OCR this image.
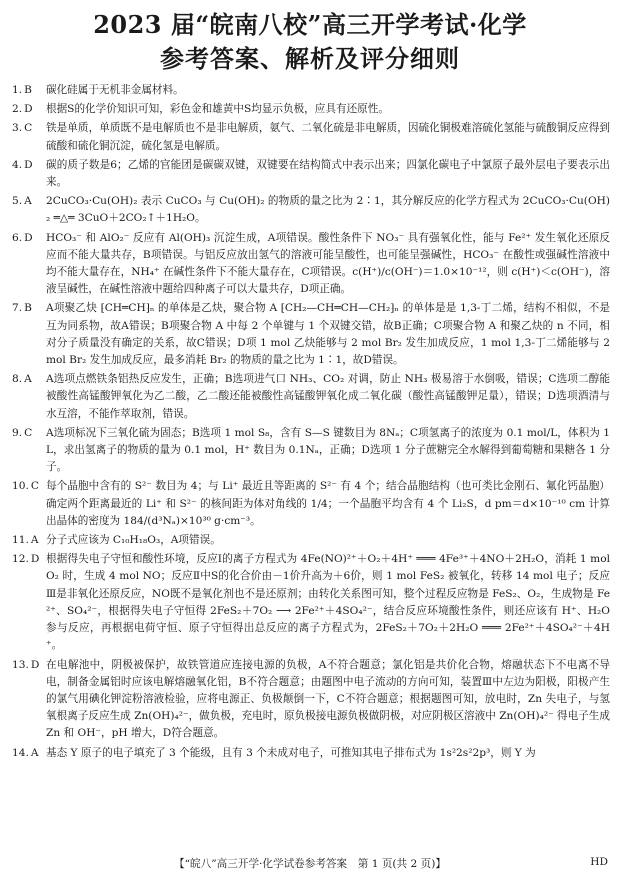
2023 届“皖南八校”高三开学考试·化学
参考答案、解析及评分细则
1. B	碳化硅属于无机非金属材料。
2. D	根据S的化学价知识可知，彩色金和雄黄中S均显示负极，应具有还原性。
3. C	铁是单质，单质既不是电解质也不是非电解质，氨气、二氧化硫是非电解质，因硫化铜极难溶硫化氢能与硫酸铜反应得到硫酸和硫化铜沉淀，硫化氢是电解质。
4. D	碳的质子数是6；乙烯的官能团是碳碳双键，双键要在结构简式中表示出来；四氯化碳电子中氯原子最外层电子要表示出来。
5. A	2CuCO₃·Cu(OH)₂ 表示 CuCO₃ 与 Cu(OH)₂ 的物质的量之比为 2∶1，其分解反应的化学方程式为 2CuCO₃·Cu(OH)₂ ═△═ 3CuO＋2CO₂↑＋1H₂O。
6. D	HCO₃⁻ 和 AlO₂⁻ 反应有 Al(OH)₃ 沉淀生成，A项错误。酸性条件下 NO₃⁻ 具有强氧化性，能与 Fe²⁺ 发生氧化还原反应而不能大量共存，B项错误。与铝反应放出氢气的溶液可能呈酸性，也可能呈强碱性，HCO₃⁻ 在酸性或强碱性溶液中均不能大量存在，NH₄⁺ 在碱性条件下不能大量存在，C项错误。c(H⁺)/c(OH⁻)＝1.0×10⁻¹²，则 c(H⁺)＜c(OH⁻)，溶液呈碱性，在碱性溶液中题给四种离子可以大量共存，D项正确。
7. B	A项聚乙炔 ⁅CH═CH⁆ₙ 的单体是乙炔，聚合物 A ⁅CH₂—CH═CH—CH₂⁆ₙ 的单体是是 1,3-丁二烯，结构不相似，不是互为同系物，故A错误；B项聚合物 A 中每 2 个单键与 1 个双键交错，故B正确；C项聚合物 A 和聚乙炔的 n 不同，相对分子质量没有确定的关系，故C错误；D项 1 mol 乙炔能够与 2 mol Br₂ 发生加成反应，1 mol 1,3-丁二烯能够与 2 mol Br₂ 发生加成反应，最多消耗 Br₂ 的物质的量之比为 1∶1，故D错误。
8. A	A选项点燃铁条铝热反应发生，正确；B选项进气口 NH₃、CO₂ 对调，防止 NH₃ 极易溶于水倒吸，错误；C选项二醇能被酸性高锰酸钾氧化为乙二酸，乙二酸还能被酸性高锰酸钾氧化成二氧化碳（酸性高锰酸钾足量），错误；D选项酒清与水互溶，不能作萃取剂，错误。
9. C	A选项标况下三氧化硫为固态；B选项 1 mol S₈，含有 S—S 键数目为 8Nₐ；C项氢离子的浓度为 0.1 mol/L，体积为 1 L，求出氢离子的物质的量为 0.1 mol，H⁺ 数目为 0.1Nₐ，正确；D选项 1 分子蔗糖完全水解得到葡萄糖和果糖各 1 分子。
10. C 每个晶胞中含有的 S²⁻ 数目为 4；与 Li⁺ 最近且等距离的 S²⁻ 有 4 个；结合晶胞结构（也可类比金刚石、氟化钙晶胞）确定两个距离最近的 Li⁺ 和 S²⁻ 的核间距为体对角线的 1/4；一个晶胞平均含有 4 个 Li₂S，d pm＝d×10⁻¹⁰ cm 计算出晶体的密度为 184/(d³Nₐ)×10³⁰ g·cm⁻³。
11. A 分子式应该为 C₁₀H₁₈O₃，A项错误。
12. D 根据得失电子守恒和酸性环境，反应Ⅰ的离子方程式为 4Fe(NO)²⁺＋O₂＋4H⁺ ═══ 4Fe³⁺＋4NO＋2H₂O，消耗 1 mol O₂ 时，生成 4 mol NO；反应Ⅱ中S的化合价由－1价升高为＋6价，则 1 mol FeS₂ 被氧化，转移 14 mol 电子；反应Ⅲ是非氧化还原反应，NO既不是氧化剂也不是还原剂；由转化关系图可知，整个过程反应物是 FeS₂、O₂，生成物是 Fe²⁺、SO₄²⁻，根据得失电子守恒得 2FeS₂＋7O₂ ⟶ 2Fe²⁺＋4SO₄²⁻，结合反应环境酸性条件，则还应该有 H⁺、H₂O 参与反应，再根据电荷守恒、原子守恒得出总反应的离子方程式为，2FeS₂＋7O₂＋2H₂O ═══ 2Fe²⁺＋4SO₄²⁻＋4H⁺。
13. D 在电解池中，阴极被保护，故铁管道应连接电源的负极，A不符合题意；氯化铝是共价化合物，熔融状态下不电离不导电，制备金属铝时应该电解熔融氧化铝，B不符合题意；由题图中电子流动的方向可知，装置Ⅲ中左边为阳极，阳极产生的氯气用碘化钾淀粉溶液检验，应将电源正、负极颠倒一下，C不符合题意；根据题图可知，放电时，Zn 失电子，与氢氧根离子反应生成 Zn(OH)₄²⁻，做负极，充电时，原负极接电源负极做阴极，对应阴极区溶液中 Zn(OH)₄²⁻ 得电子生成 Zn 和 OH⁻，pH 增大，D符合题意。
14. A 基态 Y 原子的电子填充了 3 个能级，且有 3 个未成对电子，可推知其电子排布式为 1s²2s²2p³，则 Y 为
【“皖八”高三开学·化学试卷参考答案　第 1 页(共 2 页)】	HD
